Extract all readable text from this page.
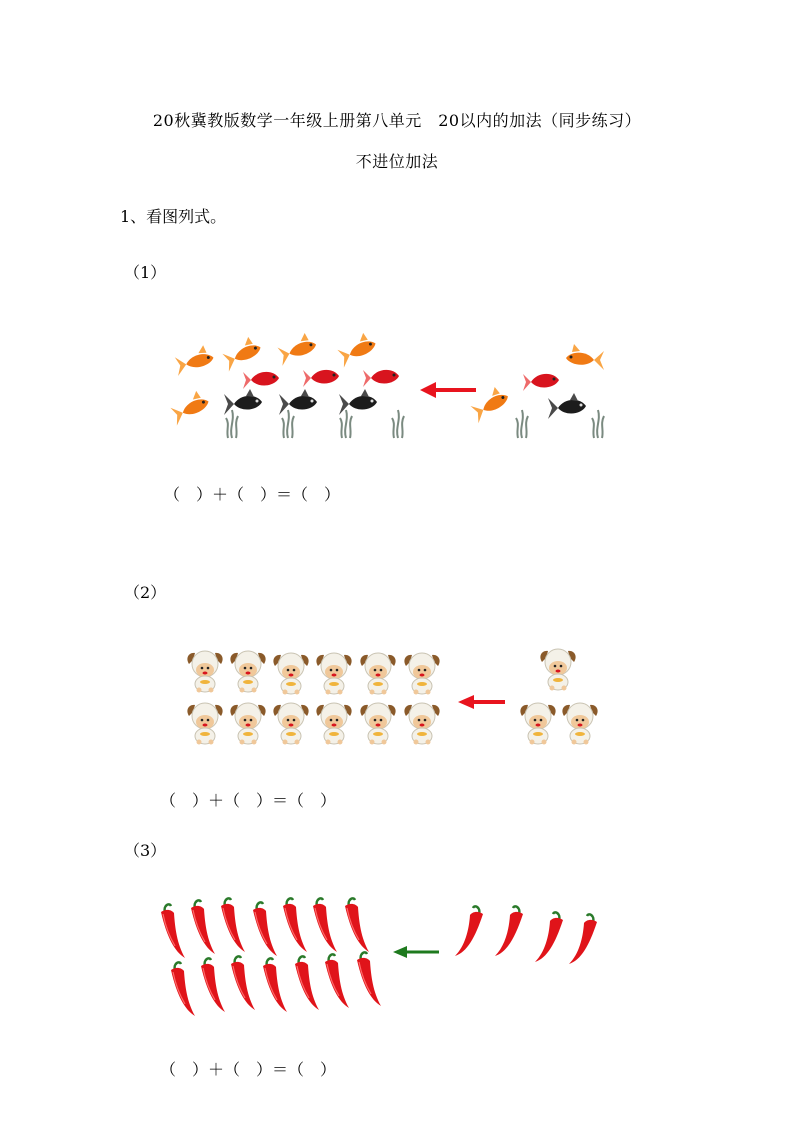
20秋冀教版数学一年级上册第八单元　20以内的加法（同步练习）
不进位加法
1、看图列式。
（1）
（　）＋（　）＝（　）
（2）
（　）＋（　）＝（　）
（3）
（　）＋（　）＝（　）
